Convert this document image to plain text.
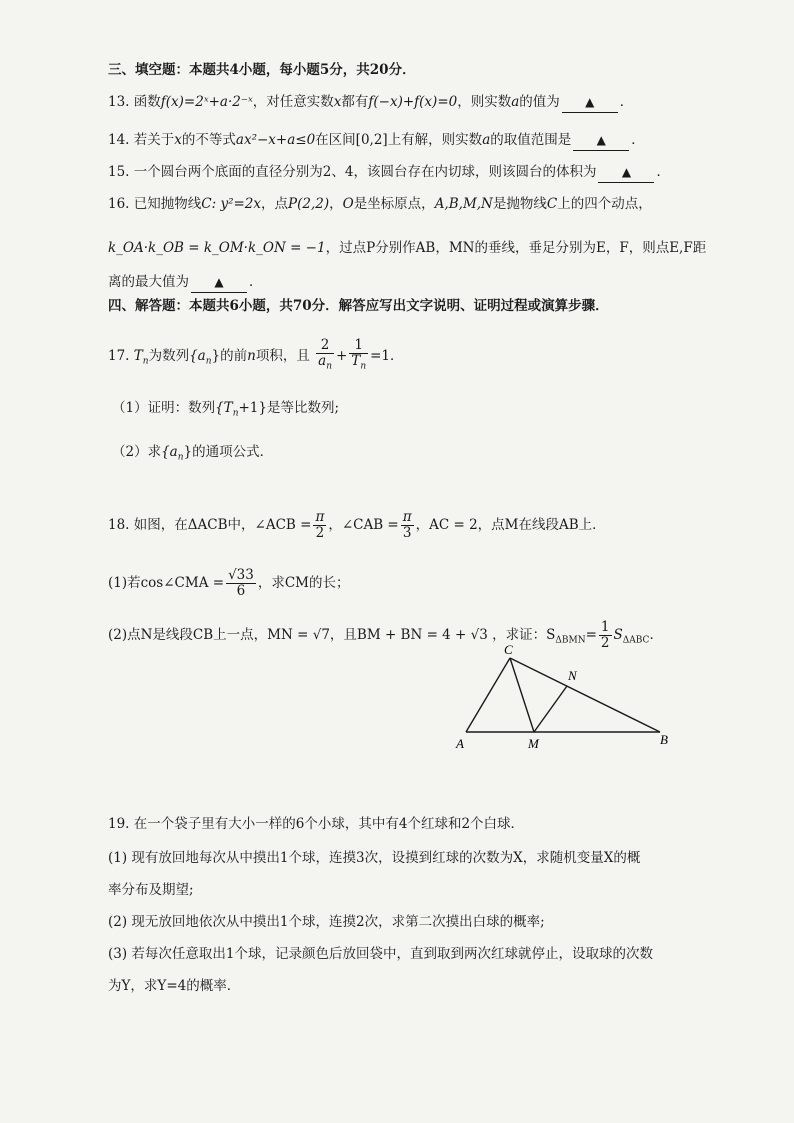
三、填空题：本题共4小题，每小题5分，共20分．
13. 函数f(x)=2ˣ+a·2⁻ˣ，对任意实数x都有f(−x)+f(x)=0，则实数a的值为 ▲ ．
14. 若关于x的不等式ax²−x+a≤0在区间[0,2]上有解，则实数a的取值范围是 ▲ ．
15. 一个圆台两个底面的直径分别为2、4，该圆台存在内切球，则该圆台的体积为 ▲ ．
16. 已知抛物线C: y²=2x，点P(2,2)，O是坐标原点，A,B,M,N是抛物线C上的四个动点，
k_OA·k_OB = k_OM·k_ON = −1，过点P分别作AB，MN的垂线，垂足分别为E，F，则点E,F距
离的最大值为 ▲ ．
四、解答题：本题共6小题，共70分．解答应写出文字说明、证明过程或演算步骤．
17. $T_n$为数列$\{a_n\}$的前n项积，且 $\frac{2}{a_n} + \frac{1}{T_n} =1$．
（1）证明：数列$\{T_n+1\}$是等比数列;
（2）求$\{a_n\}$的通项公式．
18. 如图，在ΔACB中，∠ACB = $\frac{\pi}{2}$ ，∠CAB = $\frac{\pi}{3}$ ，AC = 2，点M在线段AB上．
(1)若cos∠CMA = $\frac{√33}{6}$ ，求CM的长；
(2)点N是线段CB上一点，MN = √7，且BM + BN = 4 + √3 ，求证：$S_{\Delta BMN}= \frac{1}{2} S_{\Delta ABC}$．
C
N
A	M	B
19. 在一个袋子里有大小一样的6个小球，其中有4个红球和2个白球．
(1) 现有放回地每次从中摸出1个球，连摸3次，设摸到红球的次数为X，求随机变量X的概
率分布及期望;
(2) 现无放回地依次从中摸出1个球，连摸2次，求第二次摸出白球的概率;
(3) 若每次任意取出1个球，记录颜色后放回袋中，直到取到两次红球就停止，设取球的次数
为Y，求Y=4的概率．
